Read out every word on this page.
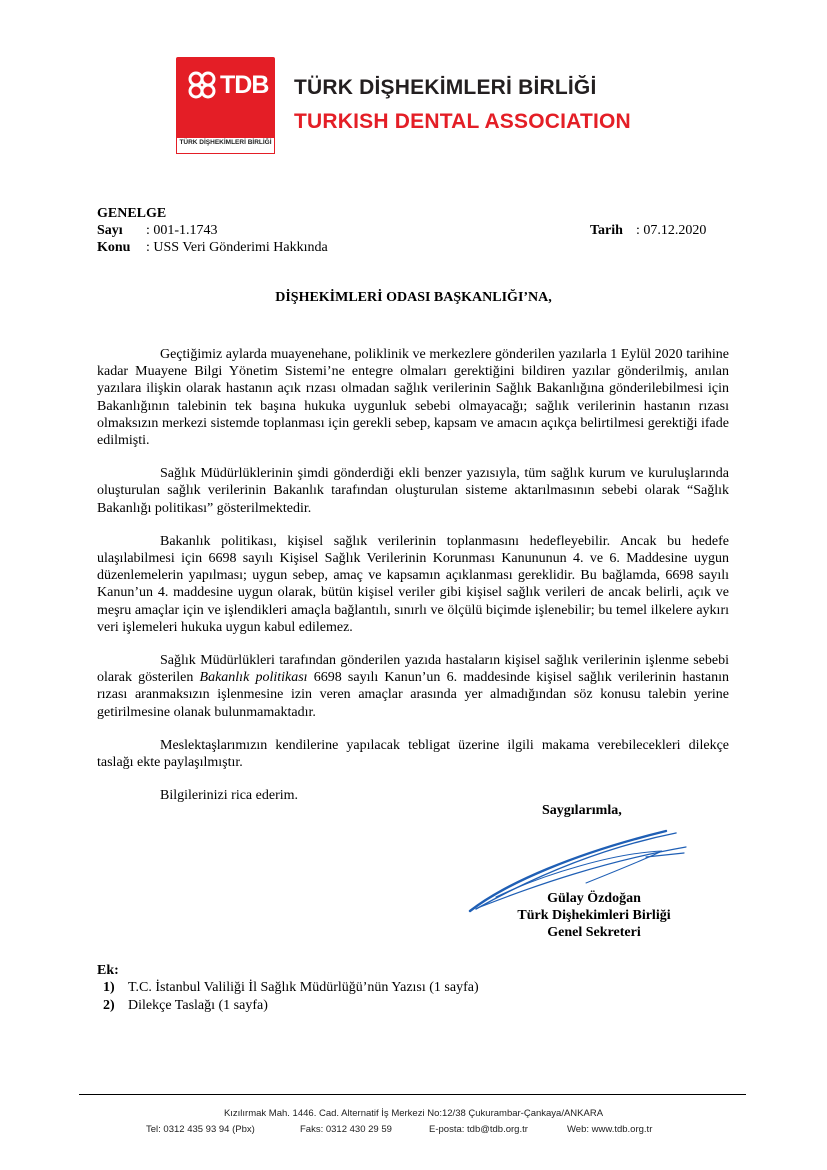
TDB
TÜRK DİŞHEKİMLERİ BİRLİĞİ
TÜRK DİŞHEKİMLERİ BİRLİĞİ
TURKISH DENTAL ASSOCIATION
GENELGE
Sayı : 001-1.1743
Konu : USS Veri Gönderimi Hakkında
Tarih : 07.12.2020
DİŞHEKİMLERİ ODASI BAŞKANLIĞI’NA,

Geçtiğimiz aylarda muayenehane, poliklinik ve merkezlere gönderilen yazılarla 1 Eylül 2020 tarihine kadar Muayene Bilgi Yönetim Sistemi’ne entegre olmaları gerektiğini bildiren yazılar gönderilmiş, anılan yazılara ilişkin olarak hastanın açık rızası olmadan sağlık verilerinin Sağlık Bakanlığına gönderilebilmesi için Bakanlığının talebinin tek başına hukuka uygunluk sebebi olmayacağı; sağlık verilerinin hastanın rızası olmaksızın merkezi sistemde toplanması için gerekli sebep, kapsam ve amacın açıkça belirtilmesi gerektiği ifade edilmişti.

Sağlık Müdürlüklerinin şimdi gönderdiği ekli benzer yazısıyla, tüm sağlık kurum ve kuruluşlarında oluşturulan sağlık verilerinin Bakanlık tarafından oluşturulan sisteme aktarılmasının sebebi olarak “Sağlık Bakanlığı politikası” gösterilmektedir.

Bakanlık politikası, kişisel sağlık verilerinin toplanmasını hedefleyebilir. Ancak bu hedefe ulaşılabilmesi için 6698 sayılı Kişisel Sağlık Verilerinin Korunması Kanununun 4. ve 6. Maddesine uygun düzenlemelerin yapılması; uygun sebep, amaç ve kapsamın açıklanması gereklidir. Bu bağlamda, 6698 sayılı Kanun’un 4. maddesine uygun olarak, bütün kişisel veriler gibi kişisel sağlık verileri de ancak belirli, açık ve meşru amaçlar için ve işlendikleri amaçla bağlantılı, sınırlı ve ölçülü biçimde işlenebilir; bu temel ilkelere aykırı veri işlemeleri hukuka uygun kabul edilemez.

Sağlık Müdürlükleri tarafından gönderilen yazıda hastaların kişisel sağlık verilerinin işlenme sebebi olarak gösterilen Bakanlık politikası 6698 sayılı Kanun’un 6. maddesinde kişisel sağlık verilerinin hastanın rızası aranmaksızın işlenmesine izin veren amaçlar arasında yer almadığından söz konusu talebin yerine getirilmesine olanak bulunmamaktadır.

Meslektaşlarımızın kendilerine yapılacak tebligat üzerine ilgili makama verebilecekleri dilekçe taslağı ekte paylaşılmıştır.

Bilgilerinizi rica ederim.

Saygılarımla,
Gülay Özdoğan
Türk Dişhekimleri Birliği
Genel Sekreteri
Ek:
1) T.C. İstanbul Valiliği İl Sağlık Müdürlüğü’nün Yazısı (1 sayfa)
2) Dilekçe Taslağı (1 sayfa)
Kızılırmak Mah. 1446. Cad. Alternatif İş Merkezi No:12/38 Çukurambar-Çankaya/ANKARA
Tel: 0312 435 93 94 (Pbx)	Faks: 0312 430 29 59	E-posta: tdb@tdb.org.tr	Web: www.tdb.org.tr
